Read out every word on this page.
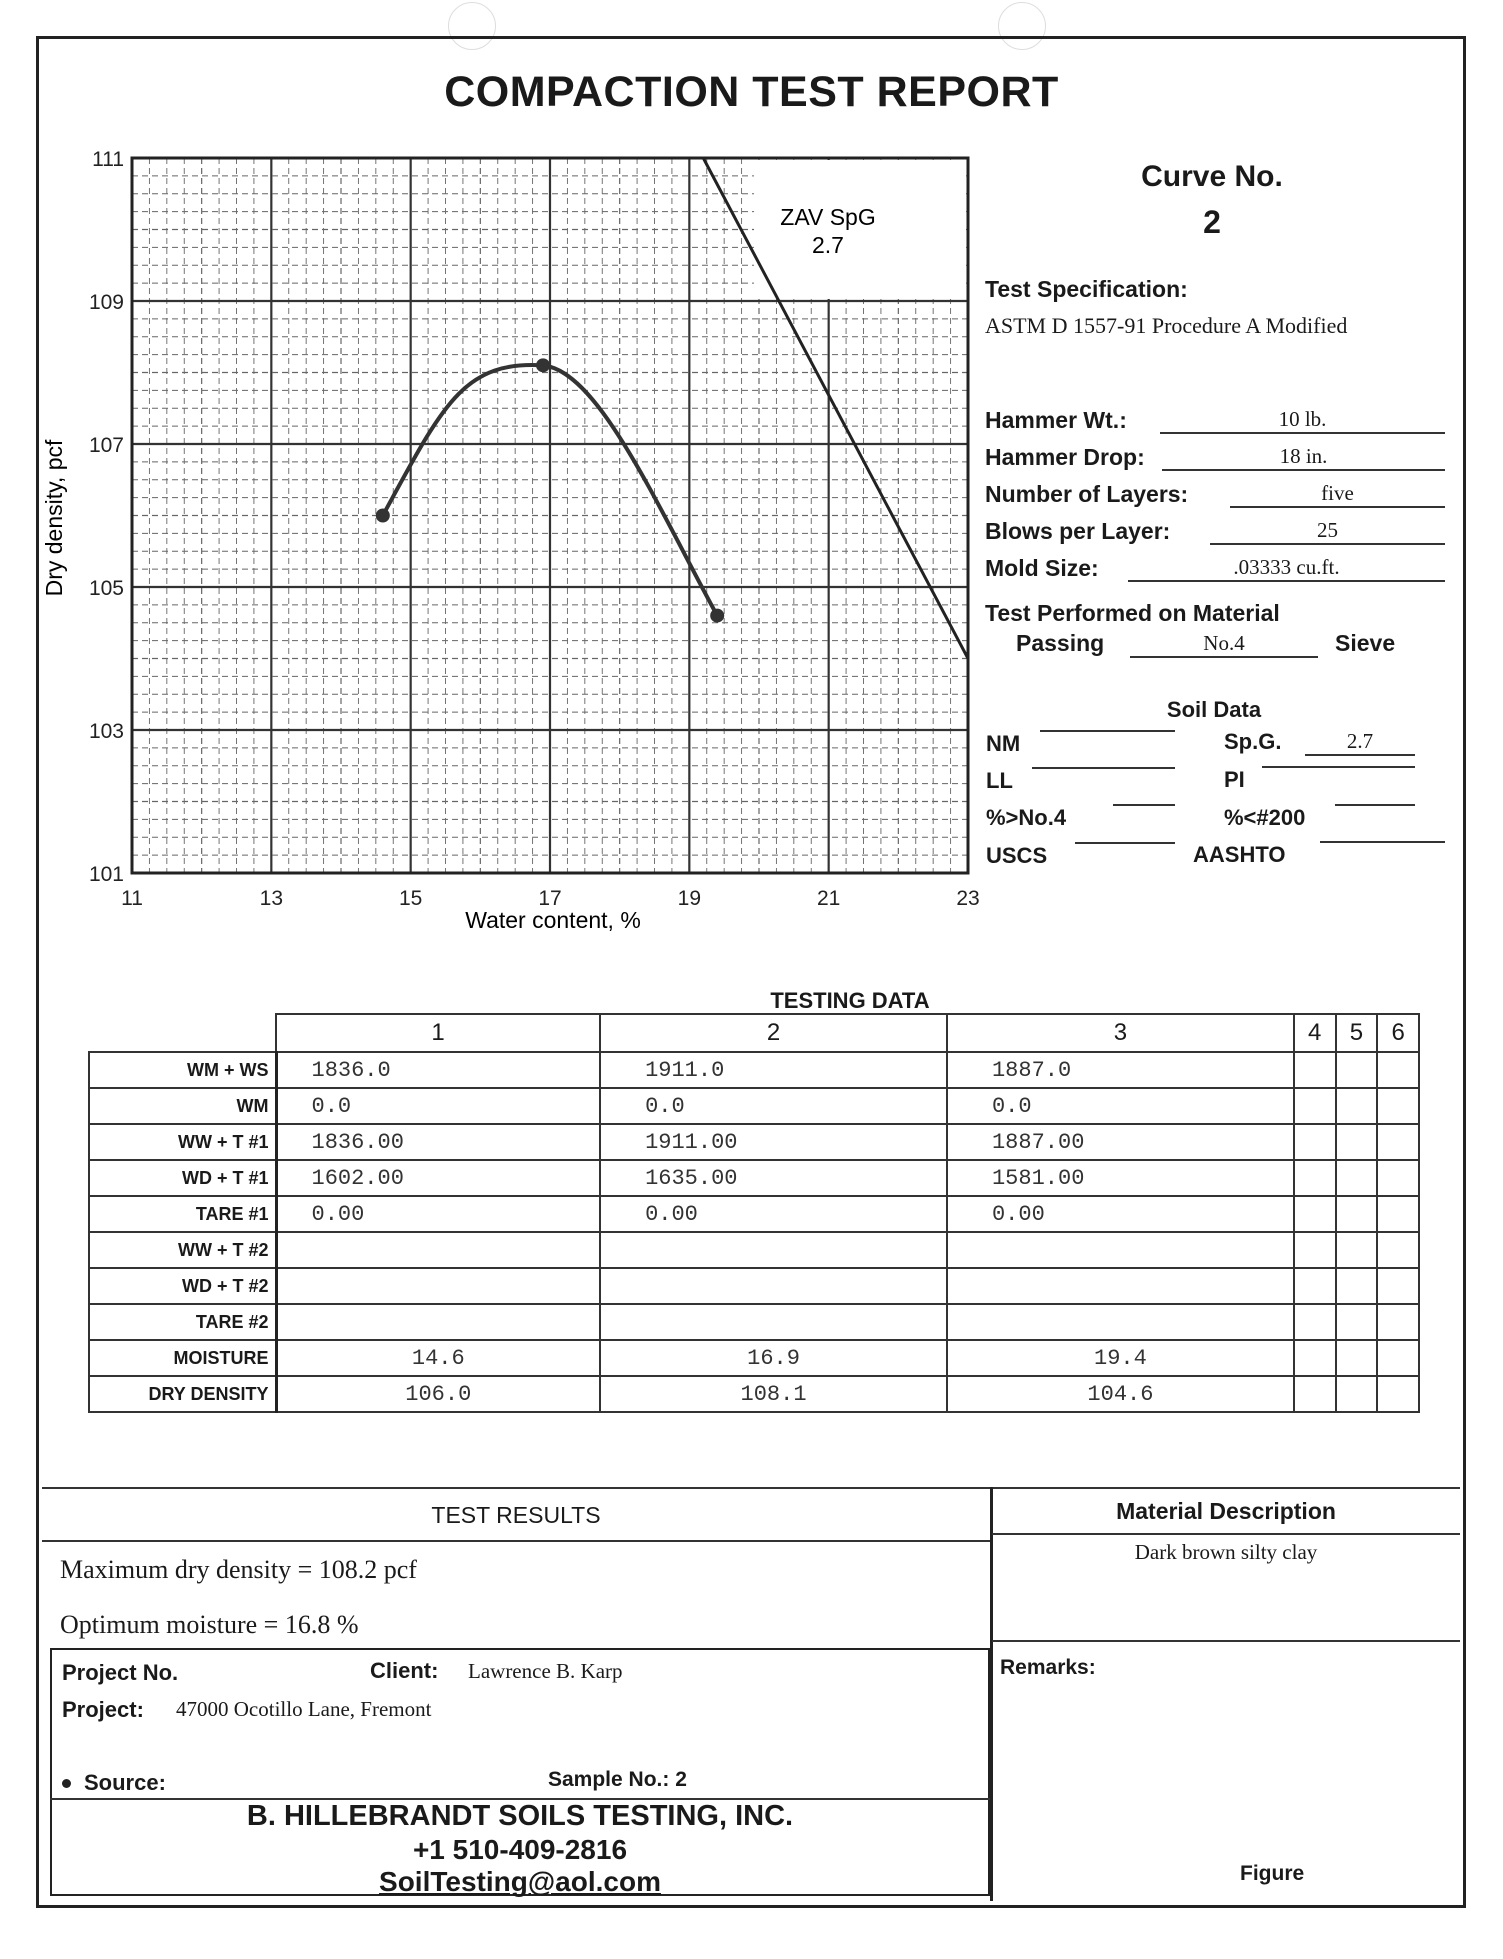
COMPACTION TEST REPORT
11	13	15	17	19	21	23
111
109
107
105
103
101
Water content, %
Dry density, pcf
ZAV SpG
2.7
Curve No.
2
Test Specification:
ASTM D 1557-91 Procedure A Modified
Hammer Wt.:	10 lb.
Hammer Drop:	18 in.
Number of Layers:	five
Blows per Layer:	25
Mold Size:	.03333 cu.ft.
Test Performed on Material
Passing	No.4	Sieve
Soil Data
NM	Sp.G.	2.7
LL	PI
%>No.4	%<#200
USCS	AASHTO
TESTING DATA
	1	2	3	4	5	6
WM + WS	1836.0	1911.0	1887.0			
WM	0.0	0.0	0.0			
WW + T #1	1836.00	1911.00	1887.00			
WD + T #1	1602.00	1635.00	1581.00			
TARE #1	0.00	0.00	0.00			
WW + T #2						
WD + T #2						
TARE #2						
MOISTURE	14.6	16.9	19.4			
DRY DENSITY	106.0	108.1	104.6			
TEST RESULTS
Maximum dry density = 108.2 pcf
Optimum moisture = 16.8 %
Material Description
Dark brown silty clay
Remarks:
Project No.	Client: Lawrence B. Karp
Project: 47000 Ocotillo Lane, Fremont
Source:	Sample No.: 2
B. HILLEBRANDT SOILS TESTING, INC.
+1 510-409-2816
SoilTesting@aol.com	Figure
